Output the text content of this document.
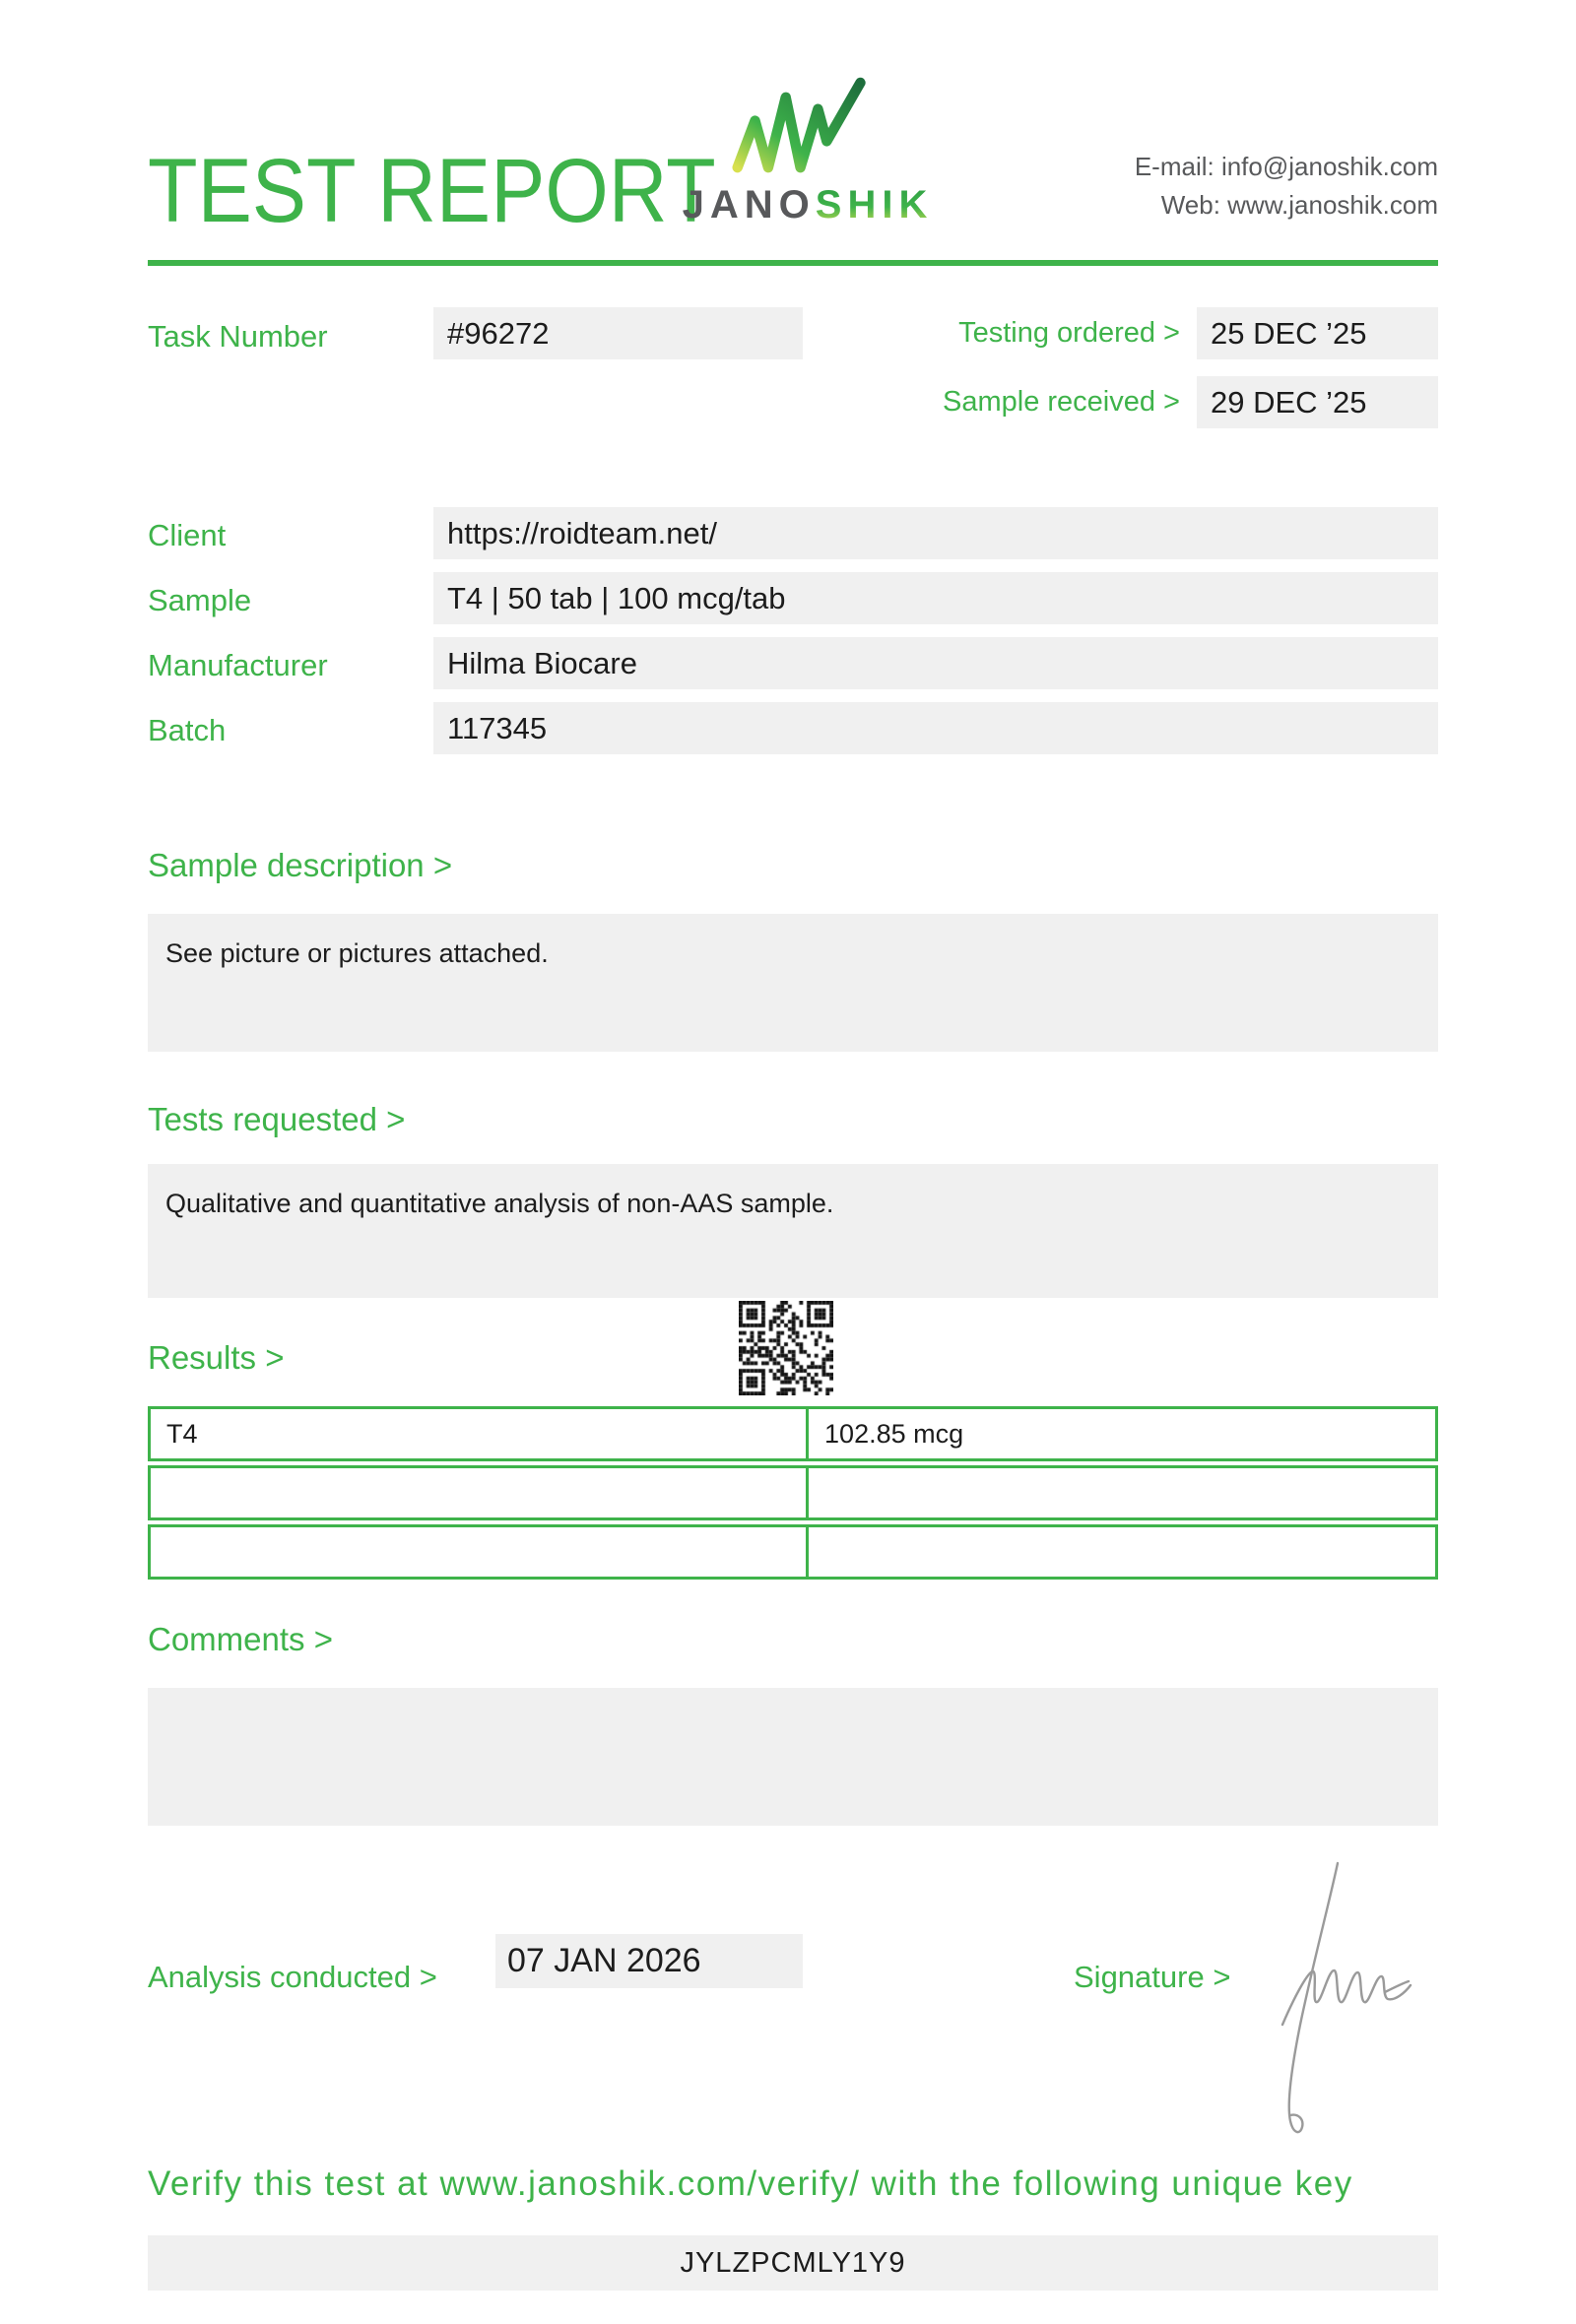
TEST REPORT
JANOSHIK
E-mail: info@janoshik.com
Web: www.janoshik.com
Task Number	#96272	Testing ordered >	25 DEC ’25
Sample received >	29 DEC ’25
Client	https://roidteam.net/
Sample	T4 | 50 tab | 100 mcg/tab
Manufacturer	Hilma Biocare
Batch	117345
Sample description >
See picture or pictures attached.
Tests requested >
Qualitative and quantitative analysis of non-AAS sample.
Results >
T4	102.85 mcg
Comments >
Analysis conducted >	07 JAN 2026	Signature >
Verify this test at www.janoshik.com/verify/ with the following unique key
JYLZPCMLY1Y9
